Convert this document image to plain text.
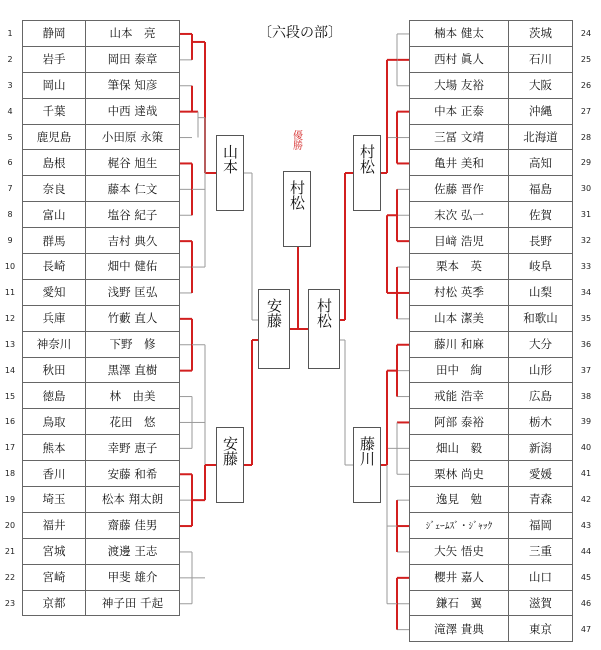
〔六段の部〕
1
2
3
4
5
6
7
8
9
10
11
12
13
14
15
16
17
18
19
20
21
22
23
24
25
26
27
28
29
30
31
32
33
34
35
36
37
38
39
40
41
42
43
44
45
46
47
静岡	山本　亮
岩手	岡田 泰章
岡山	筆保 知彦
千葉	中西 達哉
鹿児島	小田原 永策
島根	梶谷 旭生
奈良	藤本 仁文
富山	塩谷 紀子
群馬	吉村 典久
長崎	畑中 健佑
愛知	浅野 匡弘
兵庫	竹藪 直人
神奈川	下野　修
秋田	黒澤 直樹
徳島	林　由美
鳥取	花田　悠
熊本	幸野 恵子
香川	安藤 和希
埼玉	松本 翔太朗
福井	齋藤 佳男
宮城	渡邊 王志
宮崎	甲斐 雄介
京都	神子田 千起
楠本 健太	茨城
西村 眞人	石川
大場 友裕	大阪
中本 正泰	沖縄
三冨 文靖	北海道
亀井 美和	高知
佐藤 晋作	福島
末次 弘一	佐賀
目﨑 浩児	長野
栗本　英	岐阜
村松 英季	山梨
山本 潔美	和歌山
藤川 和麻	大分
田中　絢	山形
戒能 浩幸	広島
阿部 泰裕	栃木
畑山　毅	新潟
栗林 尚史	愛媛
逸見　勉	青森
ｼﾞｪｰﾑｽﾞ・ｼﾞｬｯｸ	福岡
大矢 悟史	三重
櫻井 嘉人	山口
鎌石　翼	滋賀
滝澤 貴典	東京
山本
安藤
安藤
村松
村松
村松
藤川
優勝
